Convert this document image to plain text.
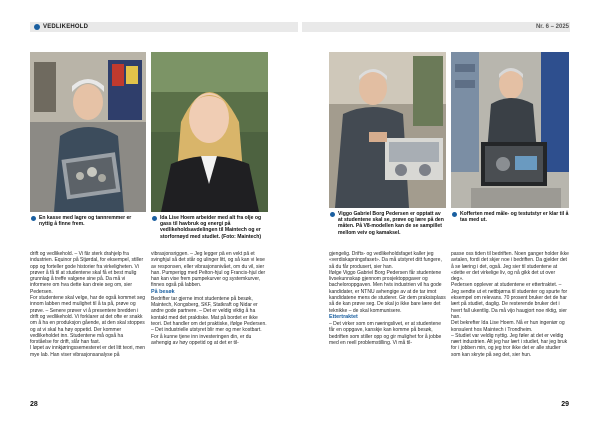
VEDLIKEHOLD	Nr. 6 – 2025
En kasse med lagre og tannremmer er nyttig å finne frem.
Ida Lise Hoem arbeider med alt fra olje og gass til havbruk og energi på vedlikeholdsavdelingen til Maintech og er storfornøyd med studiet. (Foto: Maintech)
Viggo Gabriel Borg Pedersen er opptatt av at studentene skal se, prøve og lære på den måten. På V8-modellen kan de se sampillet mellom veiv og kamaksel.
Kofferten med måle- og testutstyr er klar til å tas med ut.

drift og vedlikehold. – Vi får sterk drahjelp fra industrien. Equinor på Stjørdal, for eksempel, stiller opp og forteller gode historier fra virkeligheten. Vi prøver å få til at studentene skal få et best mulig grunnlag å treffe valgene sine på. Da må vi informere om hva dette kan dreie seg om, sier Pedersen.

For studentene skal velge, har de også kommet seg innom labben med mulighet til å ta på, prøve og prøve. – Senere prøver vi å presentere bredden i drift og vedlikehold. Vi forklarer at det ofte er snakk om å ha en produksjon gående, at den skal stoppes og at vi skal ha høy oppetid. Der kommer vedlikeholdet inn. Studentene må også ha forståelse for drift, slår han fast.

I løpet av innkjøringssemesteret er det litt teori, men mye lab. Han viser vibrasjonsanalyse på

vibrasjonsriggen. – Jeg legger på en vekt på et svinghjul så det står og ulinger litt, og så kan vi lese av responsen, eller vibrasjonsnivået, om du vil, sier han. Pumperigg med Pelton-hjul og Francis-hjul der han kan vise frem pumpekurver og systemkurver, finnes også på labben.

På besøk

Bedrifter tar gjerne imot studentene på besøk, Maintech, Kongsberg, SKF, Statkraft og Nidar er andre gode partnere. – Det er veldig viktig å ha kontakt med det praktiske. Mat på bordet er ikke teori. Det handler om det praktiske, ifølge Pedersen.

– Det industrielle utstyret blir mer og mer kostbart. For å kunne tjene inn investeringen din, er du avhengig av høy oppetid og at det er til-

gjengelig. Drifts- og vedlikeholdsfaget kaller jeg «verdiskapningsfaset». Da må utstyret ditt fungere, så du får produsert, sier han.

Ifølge Viggo Gabriel Borg Pedersen får studentene livsekunnskap gjennom prosjektoppgaver og bacheloroppgaven. Men hvis industrien vil ha gode kandidater, er NTNU avhengige av at de tar imot kandidatene mens de studerer. Gir dem praksisplass så de kan prøve seg. De skal jo ikke bare lære det teknikke – de skal kommunisere.

Ettertraktet

– Det virker som om næringslivet, er at studentene får en oppgave, kanskje kan komme på besøk, bedriften som stiller opp og gir mulighet for å jobbe med en reell problemstilling. Vi må til-

passe oss tiden til bedriften. Noen ganger holder ikke avtalen, fordi det skjer noe i bedriften. Da gjelder det å se læring i det, også. Jeg sier til studentene at «dette er det virkelige liv, og nå gikk det ut over deg».

Pedersen opplever at studentene er ettertraktet. – Jeg sendte ut et nettbjørna til studenter og spurte for eksempel om relevans. 70 prosent bruker det de har lært på studiet, daglig. De resterende bruker det i hvert fall ukentlig. Da må vijo haugjort noe riktig, sier han.

Det bekrefter Ida Lise Hoem. Nå er hun ingeniør og konsulent hos Maintech i Trondheim.

– Studiet var veldig nyttig. Jeg føler at det er veldig nært industrien. Alt jeg har lært i studiet, har jeg bruk for i jobben min, og jeg tror ikke det er alle studier som kan skryte på seg det, sier hun.

28	29
